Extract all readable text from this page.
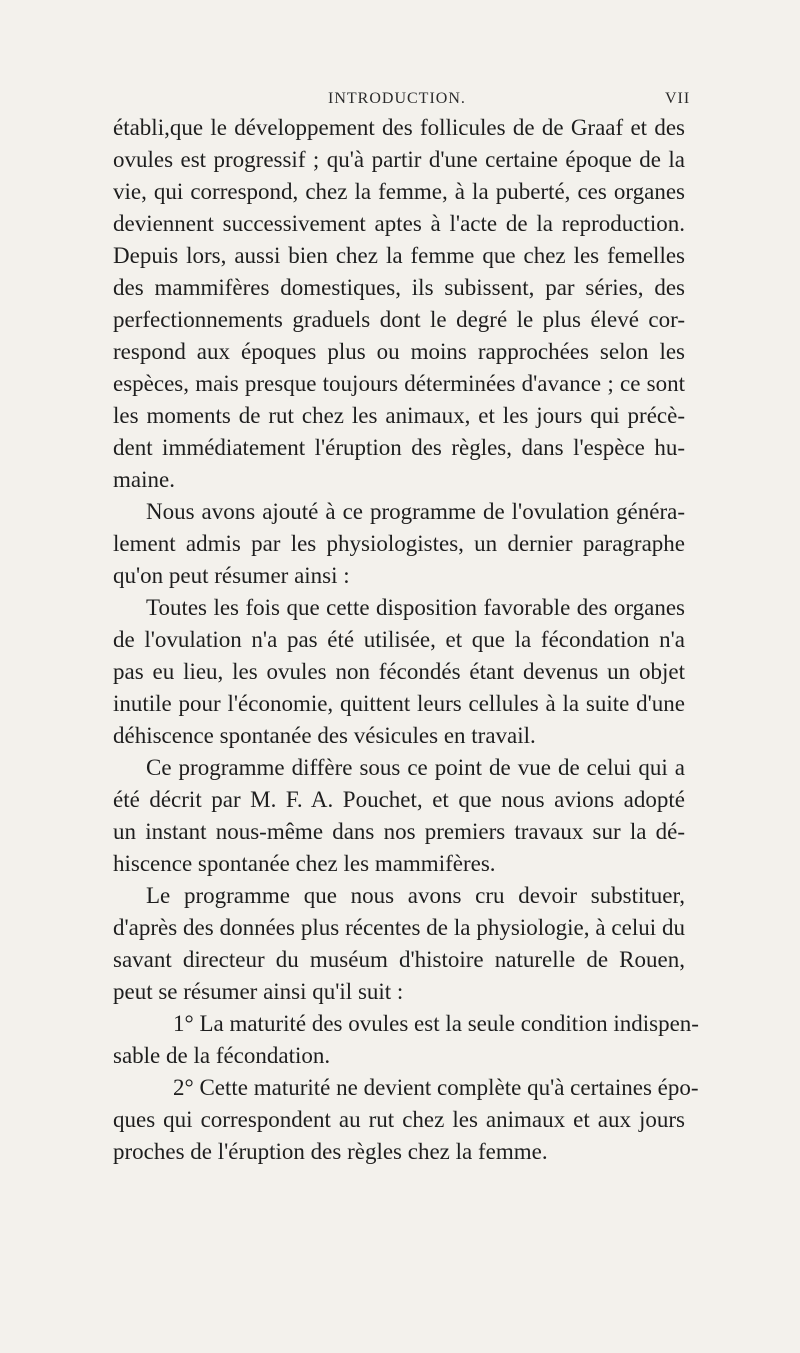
INTRODUCTION.	VII
établi,que le développement des follicules de de Graaf et des
ovules est progressif ; qu'à partir d'une certaine époque de la
vie, qui correspond, chez la femme, à la puberté, ces organes
deviennent successivement aptes à l'acte de la reproduction.
Depuis lors, aussi bien chez la femme que chez les femelles
des mammifères domestiques, ils subissent, par séries, des
perfectionnements graduels dont le degré le plus élevé cor-
respond aux époques plus ou moins rapprochées selon les
espèces, mais presque toujours déterminées d'avance ; ce sont
les moments de rut chez les animaux, et les jours qui précè-
dent immédiatement l'éruption des règles, dans l'espèce hu-
maine.
Nous avons ajouté à ce programme de l'ovulation généra-
lement admis par les physiologistes, un dernier paragraphe
qu'on peut résumer ainsi :
Toutes les fois que cette disposition favorable des organes
de l'ovulation n'a pas été utilisée, et que la fécondation n'a
pas eu lieu, les ovules non fécondés étant devenus un objet
inutile pour l'économie, quittent leurs cellules à la suite d'une
déhiscence spontanée des vésicules en travail.
Ce programme diffère sous ce point de vue de celui qui a
été décrit par M. F. A. Pouchet, et que nous avions adopté
un instant nous-même dans nos premiers travaux sur la dé-
hiscence spontanée chez les mammifères.
Le programme que nous avons cru devoir substituer,
d'après des données plus récentes de la physiologie, à celui du
savant directeur du muséum d'histoire naturelle de Rouen,
peut se résumer ainsi qu'il suit :
1° La maturité des ovules est la seule condition indispen-
sable de la fécondation.
2° Cette maturité ne devient complète qu'à certaines épo-
ques qui correspondent au rut chez les animaux et aux jours
proches de l'éruption des règles chez la femme.
